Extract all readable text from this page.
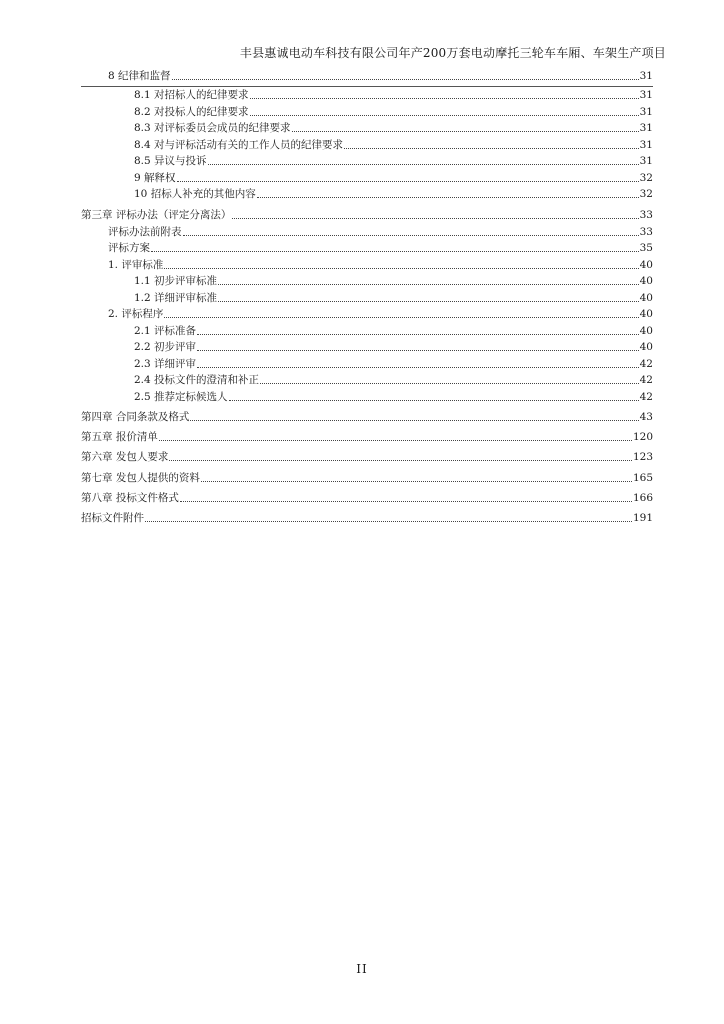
丰县惠诚电动车科技有限公司年产200万套电动摩托三轮车车厢、车架生产项目
8 纪律和监督	31
8.1 对招标人的纪律要求	31
8.2 对投标人的纪律要求	31
8.3 对评标委员会成员的纪律要求	31
8.4 对与评标活动有关的工作人员的纪律要求	31
8.5 异议与投诉	31
9 解释权	32
10 招标人补充的其他内容	32
第三章 评标办法（评定分离法）	33
评标办法前附表	33
评标方案	35
1. 评审标准	40
1.1 初步评审标准	40
1.2 详细评审标准	40
2. 评标程序	40
2.1 评标准备	40
2.2 初步评审	40
2.3 详细评审	42
2.4 投标文件的澄清和补正	42
2.5 推荐定标候选人	42
第四章 合同条款及格式	43
第五章 报价清单	120
第六章 发包人要求	123
第七章 发包人提供的资料	165
第八章 投标文件格式	166
招标文件附件	191
II
